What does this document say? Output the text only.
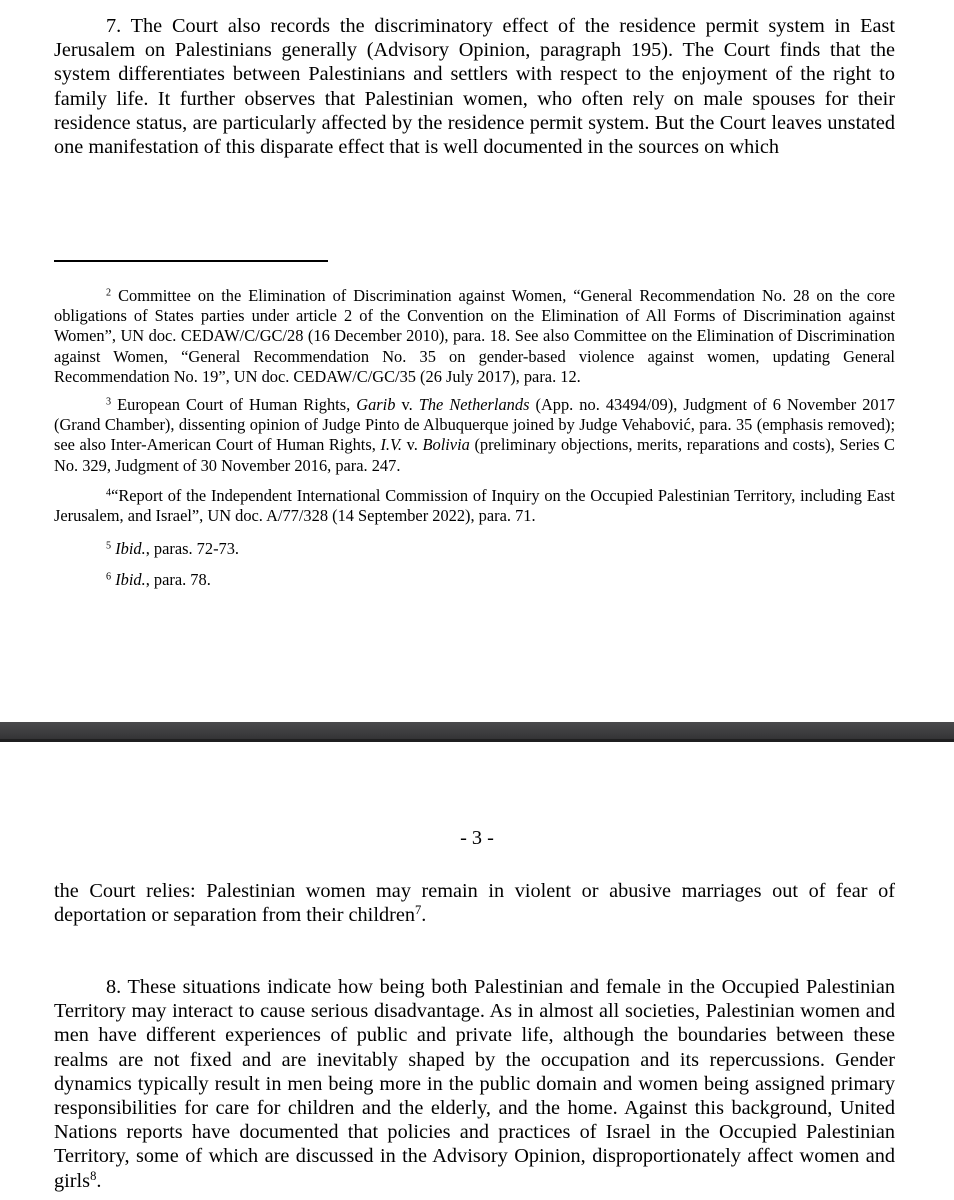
7. The Court also records the discriminatory effect of the residence permit system in East Jerusalem on Palestinians generally (Advisory Opinion, paragraph 195). The Court finds that the system differentiates between Palestinians and settlers with respect to the enjoyment of the right to family life. It further observes that Palestinian women, who often rely on male spouses for their residence status, are particularly affected by the residence permit system. But the Court leaves unstated one manifestation of this disparate effect that is well documented in the sources on which

$^2$ Committee on the Elimination of Discrimination against Women, “General Recommendation No. 28 on the core obligations of States parties under article 2 of the Convention on the Elimination of All Forms of Discrimination against Women”, UN doc. CEDAW/C/GC/28 (16 December 2010), para. 18. See also Committee on the Elimination of Discrimination against Women, “General Recommendation No. 35 on gender-based violence against women, updating General Recommendation No. 19”, UN doc. CEDAW/C/GC/35 (26 July 2017), para. 12.

$^3$ European Court of Human Rights, Garib v. The Netherlands (App. no. 43494/09), Judgment of 6 November 2017 (Grand Chamber), dissenting opinion of Judge Pinto de Albuquerque joined by Judge Vehabović, para. 35 (emphasis removed); see also Inter-American Court of Human Rights, I.V. v. Bolivia (preliminary objections, merits, reparations and costs), Series C No. 329, Judgment of 30 November 2016, para. 247.

$^4$“Report of the Independent International Commission of Inquiry on the Occupied Palestinian Territory, including East Jerusalem, and Israel”, UN doc. A/77/328 (14 September 2022), para. 71.

$^5$ Ibid., paras. 72-73.

$^6$ Ibid., para. 78.

- 3 -

the Court relies: Palestinian women may remain in violent or abusive marriages out of fear of deportation or separation from their children$^7$.

8. These situations indicate how being both Palestinian and female in the Occupied Palestinian Territory may interact to cause serious disadvantage. As in almost all societies, Palestinian women and men have different experiences of public and private life, although the boundaries between these realms are not fixed and are inevitably shaped by the occupation and its repercussions. Gender dynamics typically result in men being more in the public domain and women being assigned primary responsibilities for care for children and the elderly, and the home. Against this background, United Nations reports have documented that policies and practices of Israel in the Occupied Palestinian Territory, some of which are discussed in the Advisory Opinion, disproportionately affect women and girls$^8$.
